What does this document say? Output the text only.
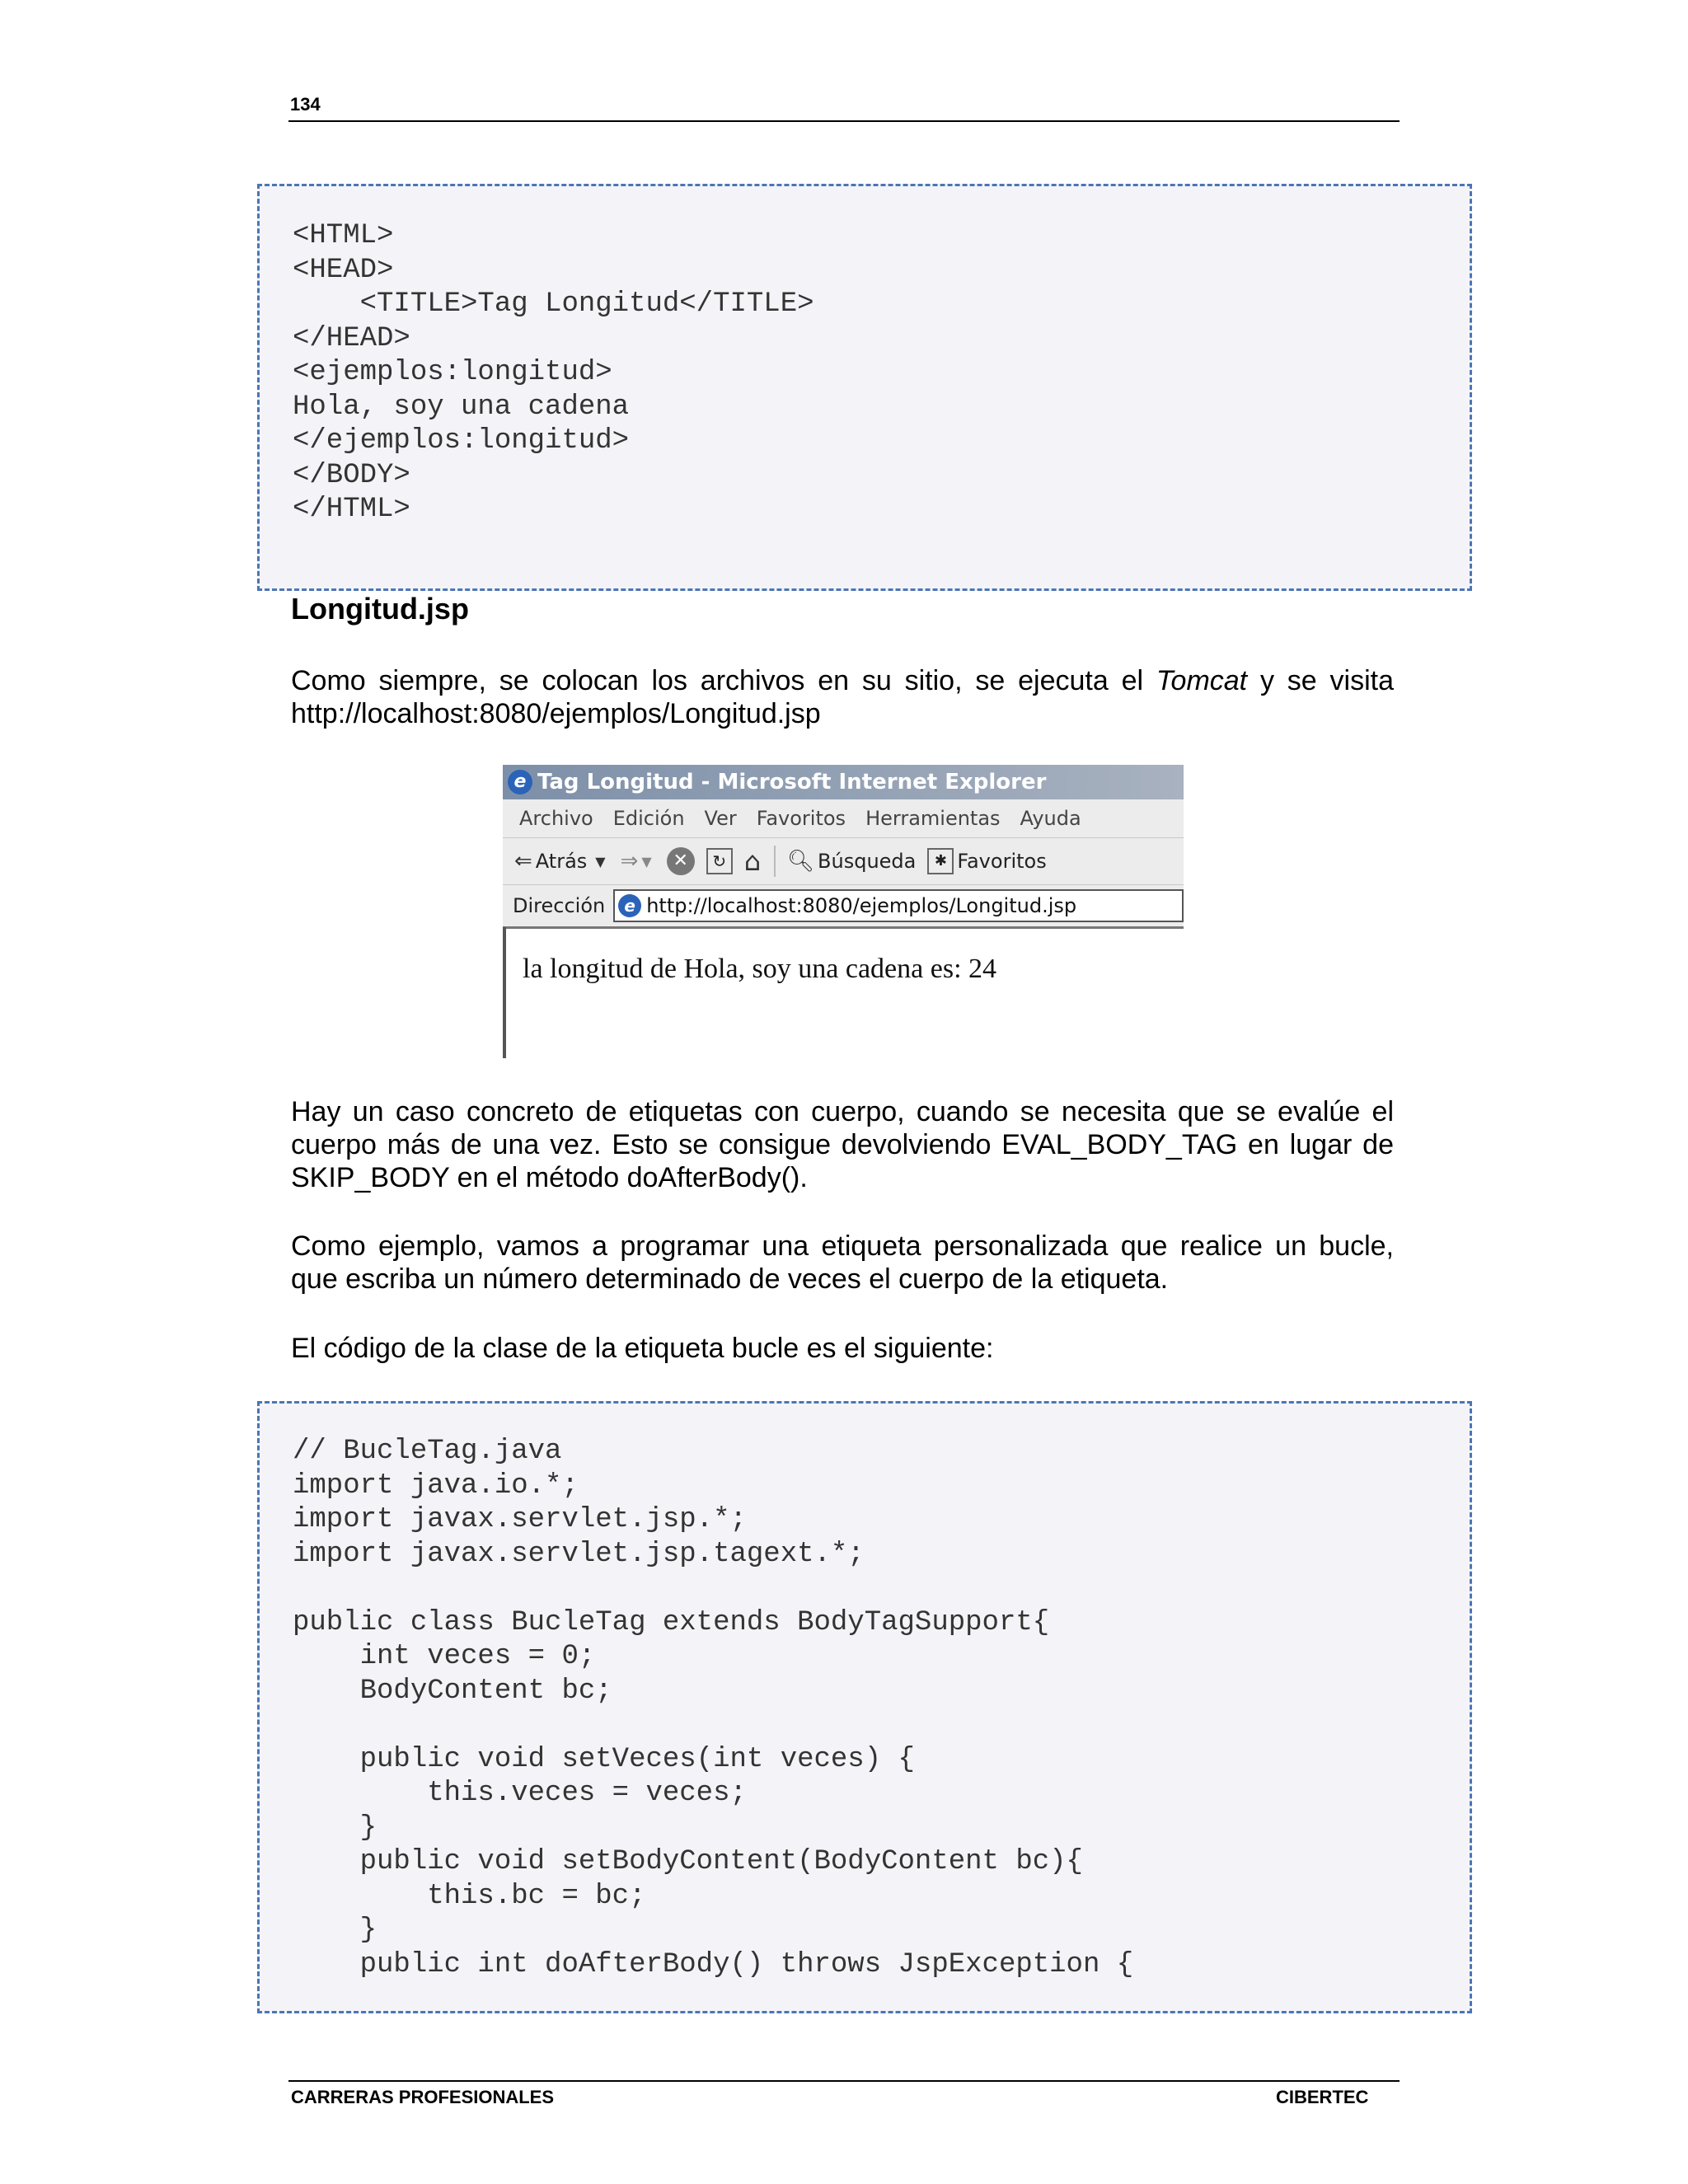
134
<HTML>
<HEAD>
<TITLE>Tag Longitud</TITLE>
</HEAD>
<ejemplos:longitud>
Hola, soy una cadena
</ejemplos:longitud>
</BODY>
</HTML>
Longitud.jsp

Como siempre, se colocan los archivos en su sitio, se ejecuta el Tomcat y se visita
http://localhost:8080/ejemplos/Longitud.jsp

e Tag Longitud - Microsoft Internet Explorer
Archivo Edición Ver Favoritos Herramientas Ayuda
⇐ Atrás ▼ ⇒ ▼	✕	↻ ⌂ 🔍︎ Búsqueda	✱ Favoritos
Dirección	e http://localhost:8080/ejemplos/Longitud.jsp
la longitud de Hola, soy una cadena es: 24

Hay un caso concreto de etiquetas con cuerpo, cuando se necesita que se evalúe el
cuerpo más de una vez. Esto se consigue devolviendo EVAL_BODY_TAG en lugar de
SKIP_BODY en el método doAfterBody().

Como ejemplo, vamos a programar una etiqueta personalizada que realice un bucle,
que escriba un número determinado de veces el cuerpo de la etiqueta.

El código de la clase de la etiqueta bucle es el siguiente:

// BucleTag.java
import java.io.*;
import javax.servlet.jsp.*;
import javax.servlet.jsp.tagext.*;

public class BucleTag extends BodyTagSupport{
int veces = 0;
BodyContent bc;

public void setVeces(int veces) {
this.veces = veces;
}
public void setBodyContent(BodyContent bc){
this.bc = bc;
}
public int doAfterBody() throws JspException {
CARRERAS PROFESIONALES	CIBERTEC
